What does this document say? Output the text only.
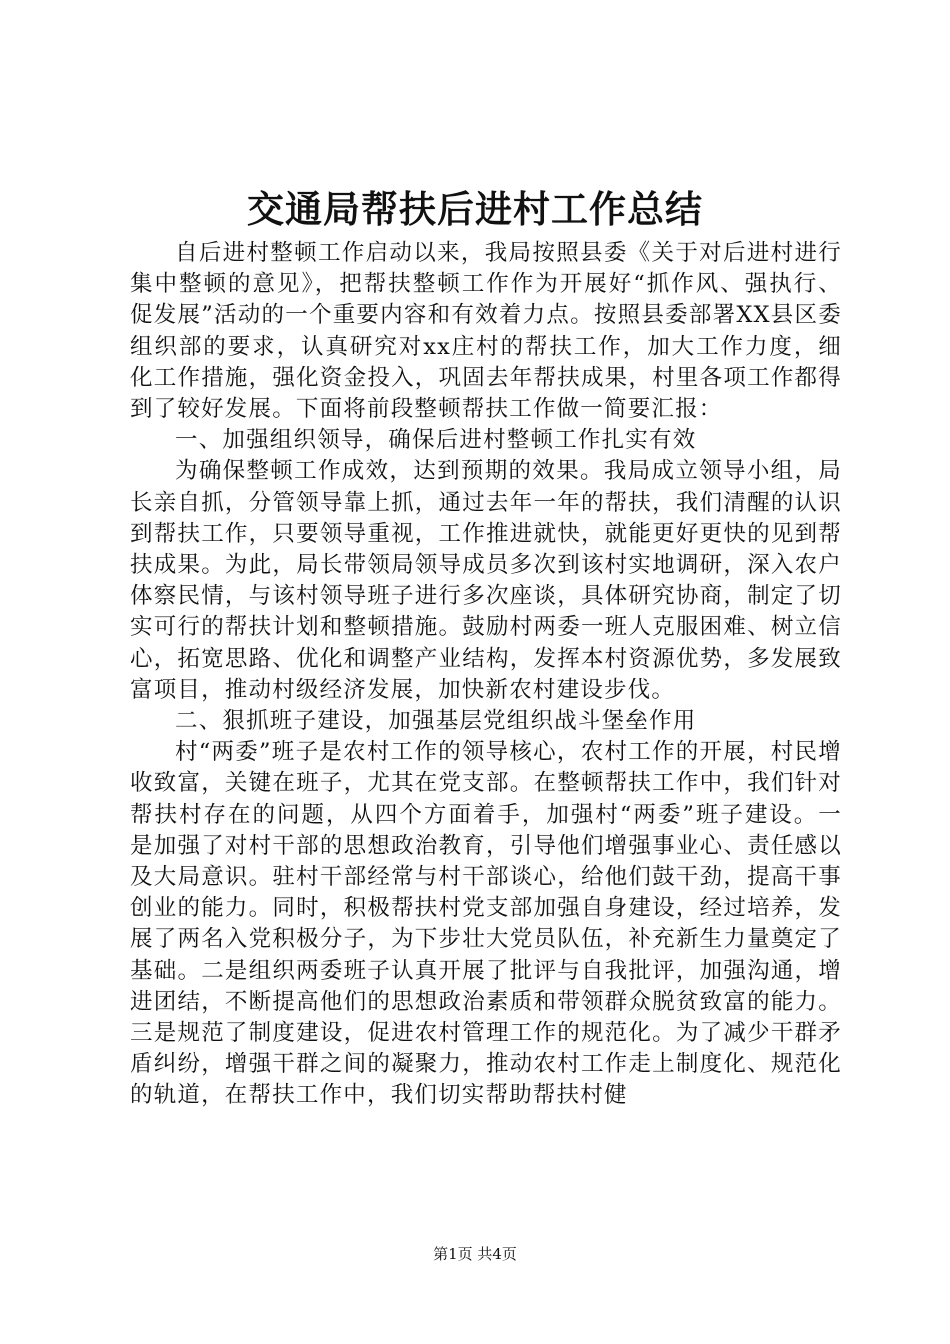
交通局帮扶后进村工作总结

自后进村整顿工作启动以来，我局按照县委《关于对后进村进行集中整顿的意见》，把帮扶整顿工作作为开展好“抓作风、强执行、促发展”活动的一个重要内容和有效着力点。按照县委部署XX县区委组织部的要求，认真研究对xx庄村的帮扶工作，加大工作力度，细化工作措施，强化资金投入，巩固去年帮扶成果，村里各项工作都得到了较好发展。下面将前段整顿帮扶工作做一简要汇报：

一、加强组织领导，确保后进村整顿工作扎实有效

为确保整顿工作成效，达到预期的效果。我局成立领导小组，局长亲自抓，分管领导靠上抓，通过去年一年的帮扶，我们清醒的认识到帮扶工作，只要领导重视，工作推进就快，就能更好更快的见到帮扶成果。为此，局长带领局领导成员多次到该村实地调研，深入农户体察民情，与该村领导班子进行多次座谈，具体研究协商，制定了切实可行的帮扶计划和整顿措施。鼓励村两委一班人克服困难、树立信心，拓宽思路、优化和调整产业结构，发挥本村资源优势，多发展致富项目，推动村级经济发展，加快新农村建设步伐。

二、狠抓班子建设，加强基层党组织战斗堡垒作用

村“两委”班子是农村工作的领导核心，农村工作的开展，村民增收致富，关键在班子，尤其在党支部。在整顿帮扶工作中，我们针对帮扶村存在的问题，从四个方面着手，加强村“两委”班子建设。一是加强了对村干部的思想政治教育，引导他们增强事业心、责任感以及大局意识。驻村干部经常与村干部谈心，给他们鼓干劲，提高干事创业的能力。同时，积极帮扶村党支部加强自身建设，经过培养，发展了两名入党积极分子，为下步壮大党员队伍，补充新生力量奠定了基础。二是组织两委班子认真开展了批评与自我批评，加强沟通，增进团结，不断提高他们的思想政治素质和带领群众脱贫致富的能力。三是规范了制度建设，促进农村管理工作的规范化。为了减少干群矛盾纠纷，增强干群之间的凝聚力，推动农村工作走上制度化、规范化的轨道，在帮扶工作中，我们切实帮助帮扶村健

第1页 共4页
